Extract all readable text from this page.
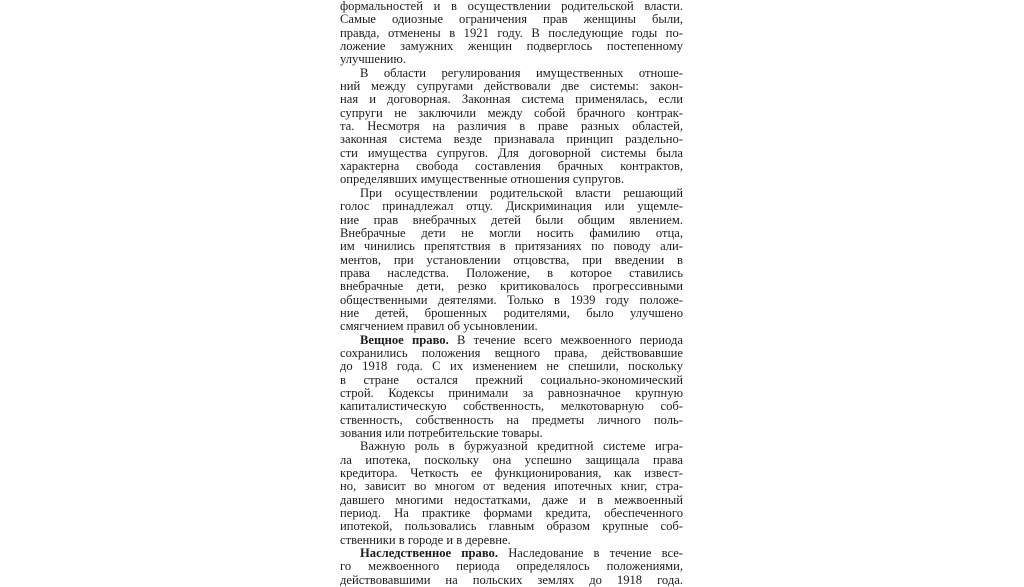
формальностей и в осуществлении родительской власти.
Самые одиозные ограничения прав женщины были,
правда, отменены в 1921 году. В последующие годы по-
ложение замужних женщин подверглось постепенному
улучшению.
В области регулирования имущественных отноше-
ний между супругами действовали две системы: закон-
ная и договорная. Законная система применялась, если
супруги не заключили между собой брачного контрак-
та. Несмотря на различия в праве разных областей,
законная система везде признавала принцип раздельно-
сти имущества супругов. Для договорной системы была
характерна свобода составления брачных контрактов,
определявших имущественные отношения супругов.
При осуществлении родительской власти решающий
голос принадлежал отцу. Дискриминация или ущемле-
ние прав внебрачных детей были общим явлением.
Внебрачные дети не могли носить фамилию отца,
им чинились препятствия в притязаниях по поводу али-
ментов, при установлении отцовства, при введении в
права наследства. Положение, в которое ставились
внебрачные дети, резко критиковалось прогрессивными
общественными деятелями. Только в 1939 году положе-
ние детей, брошенных родителями, было улучшено
смягчением правил об усыновлении.
Вещное право. В течение всего межвоенного периода
сохранились положения вещного права, действовавшие
до 1918 года. С их изменением не спешили, поскольку
в стране остался прежний социально-экономический
строй. Кодексы принимали за равнозначное крупную
капиталистическую собственность, мелкотоварную соб-
ственность, собственность на предметы личного поль-
зования или потребительские товары.
Важную роль в буржуазной кредитной системе игра-
ла ипотека, поскольку она успешно защищала права
кредитора. Четкость ее функционирования, как извест-
но, зависит во многом от ведения ипотечных книг, стра-
давшего многими недостатками, даже и в межвоенный
период. На практике формами кредита, обеспеченного
ипотекой, пользовались главным образом крупные соб-
ственники в городе и в деревне.
Наследственное право. Наследование в течение все-
го межвоенного периода определялось положениями,
действовавшими на польских землях до 1918 года.
